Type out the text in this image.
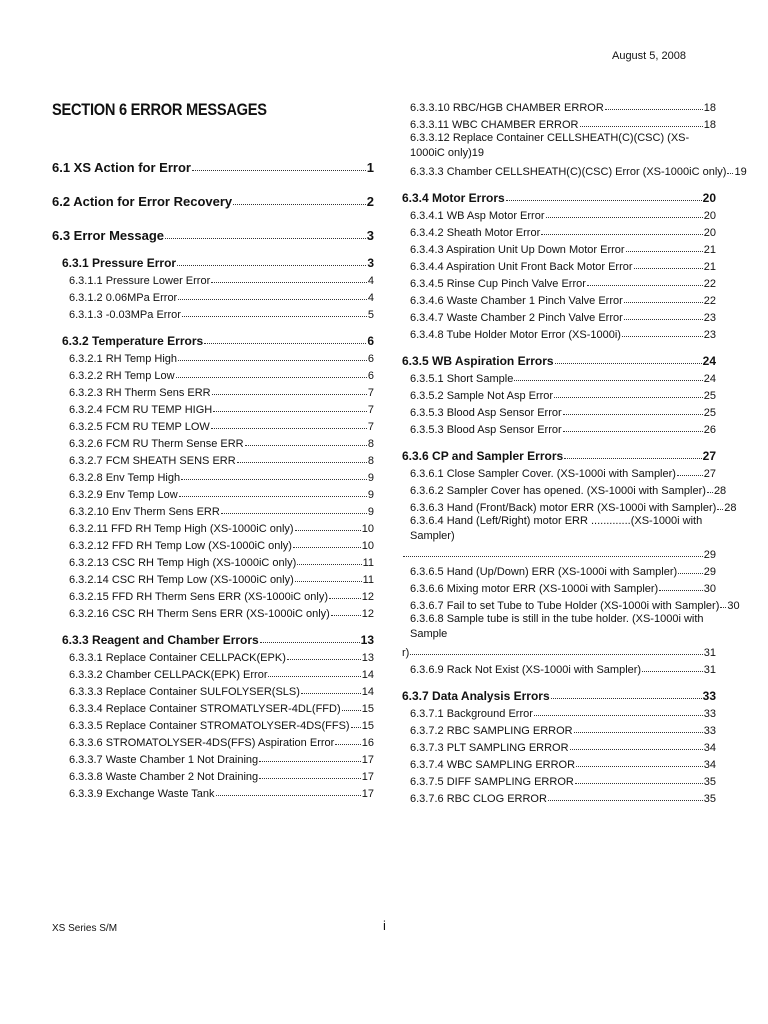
August 5, 2008
SECTION 6 ERROR MESSAGES
6.1 XS Action for Error	1
6.2 Action for Error Recovery	2
6.3 Error Message	3
6.3.1 Pressure Error	3
6.3.1.1 Pressure Lower Error	4
6.3.1.2 0.06MPa Error	4
6.3.1.3 -0.03MPa Error	5
6.3.2 Temperature Errors	6
6.3.2.1 RH Temp High	6
6.3.2.2 RH Temp Low	6
6.3.2.3 RH Therm Sens ERR	7
6.3.2.4 FCM RU TEMP HIGH	7
6.3.2.5 FCM RU TEMP LOW	7
6.3.2.6 FCM RU Therm Sense ERR	8
6.3.2.7 FCM SHEATH SENS ERR	8
6.3.2.8 Env Temp High	9
6.3.2.9 Env Temp Low	9
6.3.2.10 Env Therm Sens ERR	9
6.3.2.11 FFD RH Temp High (XS-1000iC only)	10
6.3.2.12 FFD RH Temp Low (XS-1000iC only)	10
6.3.2.13 CSC RH Temp High (XS-1000iC only)	11
6.3.2.14 CSC RH Temp Low (XS-1000iC only)	11
6.3.2.15 FFD RH Therm Sens ERR (XS-1000iC only)	12
6.3.2.16 CSC RH Therm Sens ERR (XS-1000iC only)	12
6.3.3 Reagent and Chamber Errors	13
6.3.3.1 Replace Container CELLPACK(EPK)	13
6.3.3.2 Chamber CELLPACK(EPK) Error	14
6.3.3.3 Replace Container SULFOLYSER(SLS)	14
6.3.3.4 Replace Container STROMATLYSER-4DL(FFD) 15
6.3.3.5 Replace Container STROMATOLYSER-4DS(FFS) 15
6.3.3.6 STROMATOLYSER-4DS(FFS) Aspiration Error 16
6.3.3.7 Waste Chamber 1 Not Draining	17
6.3.3.8 Waste Chamber 2 Not Draining	17
6.3.3.9 Exchange Waste Tank	17
6.3.3.10 RBC/HGB CHAMBER ERROR	18
6.3.3.11 WBC CHAMBER ERROR	18
6.3.3.12 Replace Container CELLSHEATH(C)(CSC) (XS-1000iC only)19
6.3.3.3 Chamber CELLSHEATH(C)(CSC) Error (XS-1000iC only) 19
6.3.4 Motor Errors	20
6.3.4.1 WB Asp Motor Error	20
6.3.4.2 Sheath Motor Error	20
6.3.4.3 Aspiration Unit Up Down Motor Error	21
6.3.4.4 Aspiration Unit Front Back Motor Error	21
6.3.4.5 Rinse Cup Pinch Valve Error	22
6.3.4.6 Waste Chamber 1 Pinch Valve Error	22
6.3.4.7 Waste Chamber 2 Pinch Valve Error	23
6.3.4.8 Tube Holder Motor Error (XS-1000i)	23
6.3.5 WB Aspiration Errors	24
6.3.5.1 Short Sample	24
6.3.5.2 Sample Not Asp Error	25
6.3.5.3 Blood Asp Sensor Error	25
6.3.5.3 Blood Asp Sensor Error	26
6.3.6 CP and Sampler Errors	27
6.3.6.1 Close Sampler Cover. (XS-1000i with Sampler)	27
6.3.6.2 Sampler Cover has opened. (XS-1000i with Sampler) 28
6.3.6.3 Hand (Front/Back) motor ERR (XS-1000i with Sampler) 28
6.3.6.4 Hand (Left/Right) motor ERR .............(XS-1000i with Sampler)
29
6.3.6.5 Hand (Up/Down) ERR (XS-1000i with Sampler) 29
6.3.6.6 Mixing motor ERR (XS-1000i with Sampler)	30
6.3.6.7 Fail to set Tube to Tube Holder (XS-1000i with Sampler) 30
6.3.6.8 Sample tube is still in the tube holder. (XS-1000i with Sample
r)	31
6.3.6.9 Rack Not Exist (XS-1000i with Sampler)	31
6.3.7 Data Analysis Errors	33
6.3.7.1 Background Error	33
6.3.7.2 RBC SAMPLING ERROR	33
6.3.7.3 PLT SAMPLING ERROR	34
6.3.7.4 WBC SAMPLING ERROR	34
6.3.7.5 DIFF SAMPLING ERROR	35
6.3.7.6 RBC CLOG ERROR	35
XS Series S/M	i
